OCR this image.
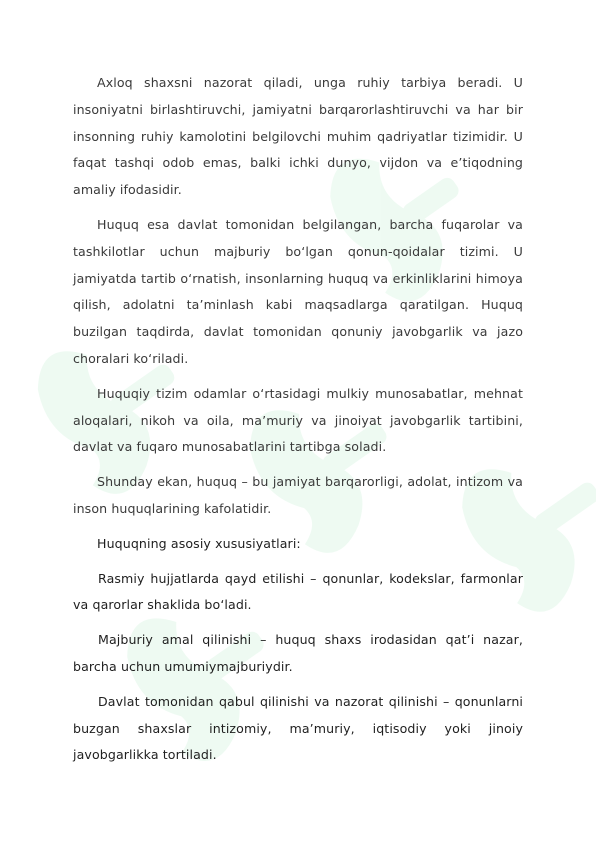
Axloq shaxsni nazorat qiladi, unga ruhiy tarbiya beradi. U insoniyatni birlashtiruvchi, jamiyatni barqarorlashtiruvchi va har bir insonning ruhiy kamolotini belgilovchi muhim qadriyatlar tizimidir. U faqat tashqi odob emas, balki ichki dunyo, vijdon va e’tiqodning amaliy ifodasidir.

Huquq esa davlat tomonidan belgilangan, barcha fuqarolar va tashkilotlar uchun majburiy bo‘lgan qonun-qoidalar tizimi. U jamiyatda tartib o‘rnatish, insonlarning huquq va erkinliklarini himoya qilish, adolatni ta’minlash kabi maqsadlarga qaratilgan. Huquq buzilgan taqdirda, davlat tomonidan qonuniy javobgarlik va jazo choralari ko‘riladi.

Huquqiy tizim odamlar o‘rtasidagi mulkiy munosabatlar, mehnat aloqalari, nikoh va oila, ma’muriy va jinoiyat javobgarlik tartibini, davlat va fuqaro munosabatlarini tartibga soladi.

Shunday ekan, huquq – bu jamiyat barqarorligi, adolat, intizom va inson huquqlarining kafolatidir.

Huquqning asosiy xususiyatlari:

Rasmiy hujjatlarda qayd etilishi – qonunlar, kodekslar, farmonlar va qarorlar shaklida bo‘ladi.

Majburiy amal qilinishi – huquq shaxs irodasidan qat’i nazar, barcha uchun umumiymajburiydir.

Davlat tomonidan qabul qilinishi va nazorat qilinishi – qonunlarni buzgan shaxslar intizomiy, ma’muriy, iqtisodiy yoki jinoiy javobgarlikka tortiladi.
